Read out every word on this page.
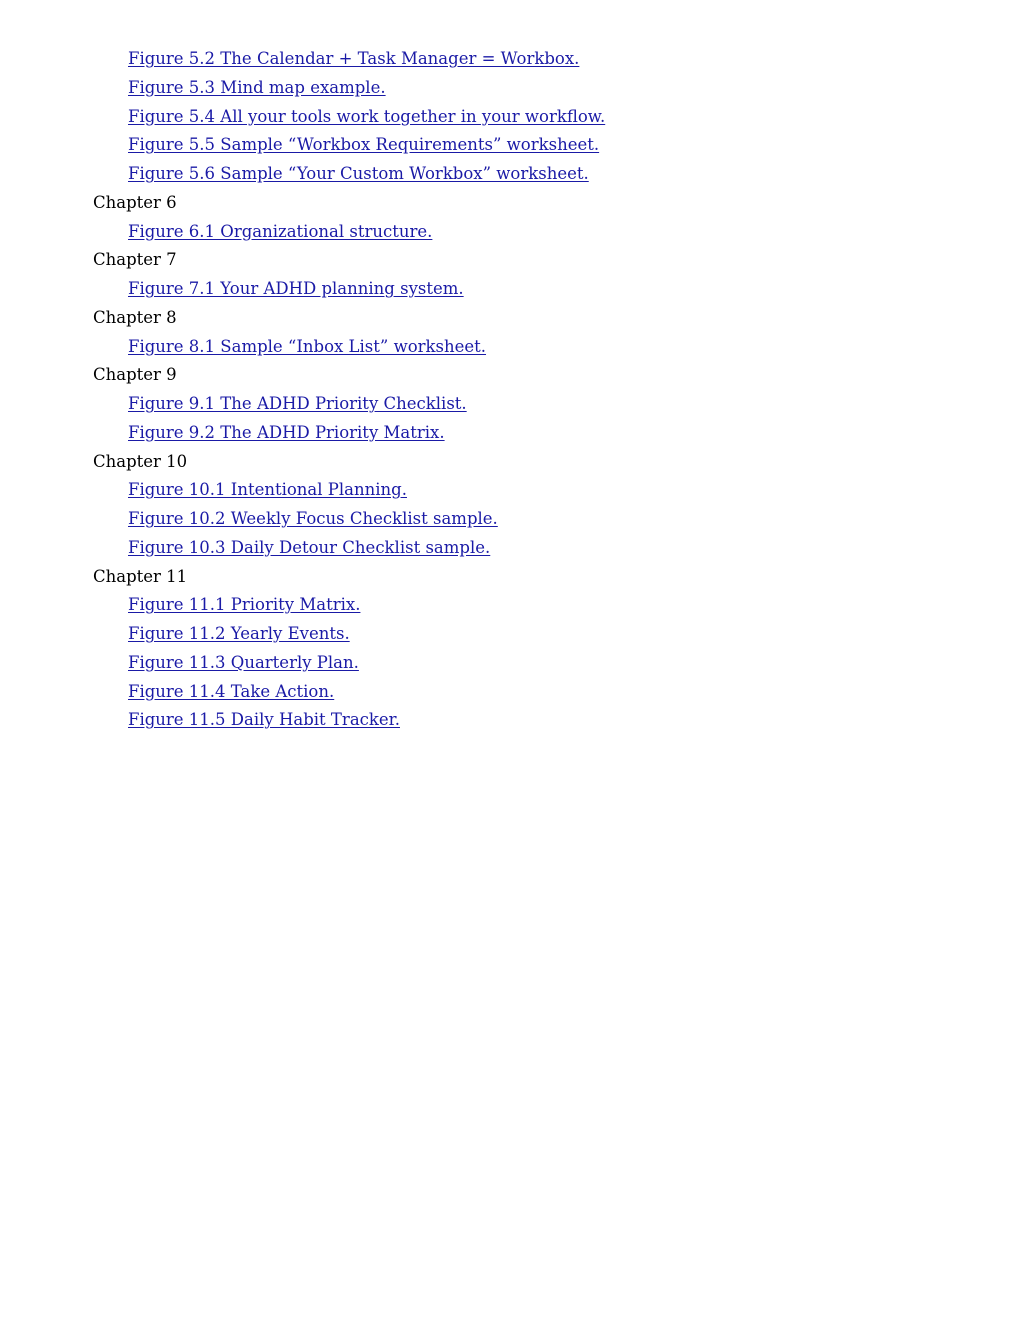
Figure 5.2 The Calendar + Task Manager = Workbox.
Figure 5.3 Mind map example.
Figure 5.4 All your tools work together in your workflow.
Figure 5.5 Sample “Workbox Requirements” worksheet.
Figure 5.6 Sample “Your Custom Workbox” worksheet.
Chapter 6
Figure 6.1 Organizational structure.
Chapter 7
Figure 7.1 Your ADHD planning system.
Chapter 8
Figure 8.1 Sample “Inbox List” worksheet.
Chapter 9
Figure 9.1 The ADHD Priority Checklist.
Figure 9.2 The ADHD Priority Matrix.
Chapter 10
Figure 10.1 Intentional Planning.
Figure 10.2 Weekly Focus Checklist sample.
Figure 10.3 Daily Detour Checklist sample.
Chapter 11
Figure 11.1 Priority Matrix.
Figure 11.2 Yearly Events.
Figure 11.3 Quarterly Plan.
Figure 11.4 Take Action.
Figure 11.5 Daily Habit Tracker.
